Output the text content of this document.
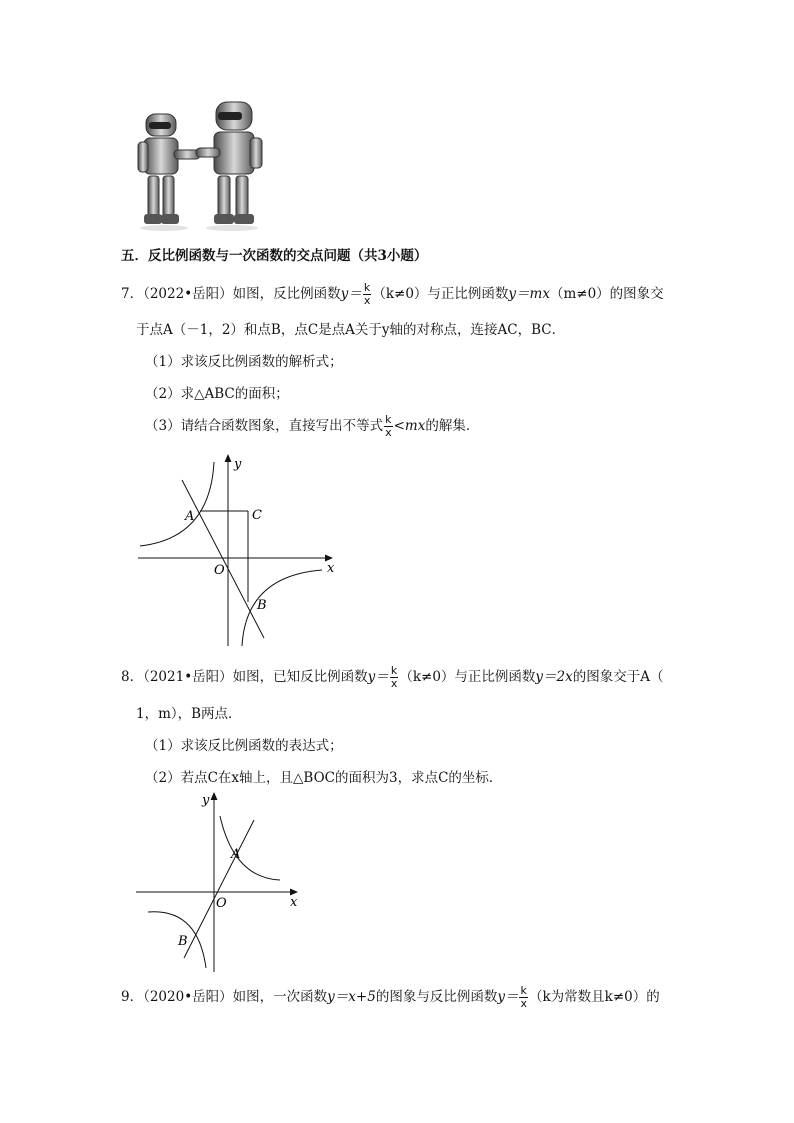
五．反比例函数与一次函数的交点问题（共3小题）
7．（2022•岳阳）如图，反比例函数$y= \frac{k}{x} (k\ne 0)$与正比例函数y＝mx（m≠0）的图象交
于点A（－1，2）和点B，点C是点A关于y轴的对称点，连接AC，BC．
（1）求该反比例函数的解析式；
（2）求△ABC的面积；
（3）请结合函数图象，直接写出不等式 $\frac{k}{x} <mx$的解集．
y
x
O
A	C
B
8．（2021•岳阳）如图，已知反比例函数$y= \frac{k}{x} (k\ne 0)$与正比例函数y＝2x的图象交于A（
1，m），B两点．
（1）求该反比例函数的表达式；
（2）若点C在x轴上，且△BOC的面积为3，求点C的坐标．
y
x
O
A
B
9．（2020•岳阳）如图，一次函数y＝x+5的图象与反比例函数$y= \frac{k}{x} (k$为常数且k≠0）的
